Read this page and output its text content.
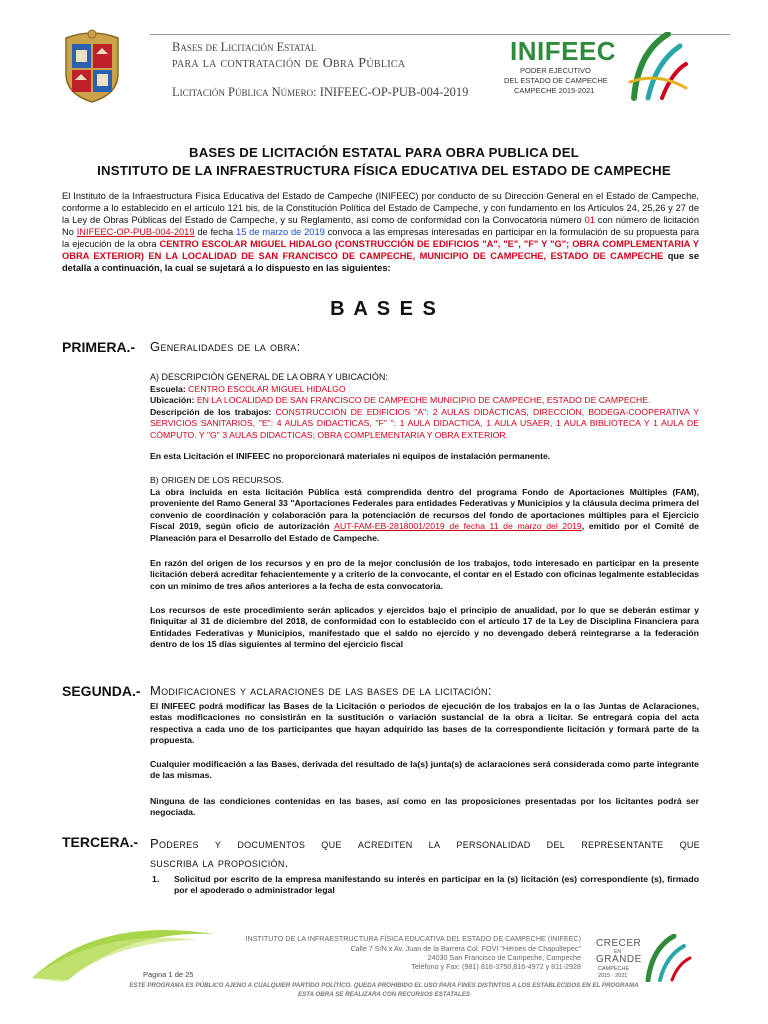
Bases de Licitación Estatal
para la contratación de Obra Pública
Licitación Pública Número: INIFEEC-OP-PUB-004-2019
INIFEEC
PODER EJECUTIVO
DEL ESTADO DE CAMPECHE
CAMPECHE 2015-2021
BASES DE LICITACIÓN ESTATAL PARA OBRA PUBLICA DEL
INSTITUTO DE LA INFRAESTRUCTURA FÍSICA EDUCATIVA DEL ESTADO DE CAMPECHE
El Instituto de la Infraestructura Física Educativa del Estado de Campeche (INIFEEC) por conducto de su Dirección General en el Estado de Campeche, conforme a lo establecido en el artículo 121 bis, de la Constitución Política del Estado de Campeche, y con fundamento en los Artículos 24, 25,26 y 27 de la Ley de Obras Públicas del Estado de Campeche, y su Reglamento, así como de conformidad con la Convocatoria número 01 con número de licitación No INIFEEC-OP-PUB-004-2019 de fecha 15 de marzo de 2019 convoca a las empresas interesadas en participar en la formulación de su propuesta para la ejecución de la obra CENTRO ESCOLAR MIGUEL HIDALGO (CONSTRUCCIÓN DE EDIFICIOS "A", "E", "F" Y "G"; OBRA COMPLEMENTARIA Y OBRA EXTERIOR) EN LA LOCALIDAD DE SAN FRANCISCO DE CAMPECHE, MUNICIPIO DE CAMPECHE, ESTADO DE CAMPECHE que se detalla a continuación, la cual se sujetará a lo dispuesto en las siguientes:
B A S E S
PRIMERA.- Generalidades de la obra:
A) DESCRIPCIÓN GENERAL DE LA OBRA Y UBICACIÓN:
Escuela: CENTRO ESCOLAR MIGUEL HIDALGO
Ubicación: EN LA LOCALIDAD DE SAN FRANCISCO DE CAMPECHE MUNICIPIO DE CAMPECHE, ESTADO DE CAMPECHE.
Descripción de los trabajos: CONSTRUCCIÓN DE EDIFICIOS "A": 2 AULAS DIDÁCTICAS, DIRECCIÓN, BODEGA-COOPERATIVA Y SERVICIOS SANITARIOS, "E": 4 AULAS DIDACTICAS, "F" ": 1 AULA DIDACTICA, 1 AULA USAER, 1 AULA BIBLIOTECA Y 1 AULA DE CÓMPUTO. Y "G" 3 AULAS DIDACTICAS; OBRA COMPLEMENTARIA Y OBRA EXTERIOR.
En esta Licitación el INIFEEC no proporcionará materiales ni equipos de instalación permanente.
B) ORIGEN DE LOS RECURSOS.
La obra incluida en esta licitación Pública está comprendida dentro del programa Fondo de Aportaciones Múltiples (FAM), proveniente del Ramo General 33 "Aportaciones Federales para entidades Federativas y Municipios y la cláusula decima primera del convenio de coordinación y colaboración para la potenciación de recursos del fondo de aportaciones múltiples para el Ejercicio Fiscal 2019, según oficio de autorización AUT-FAM-EB-2818001/2019 de fecha 11 de marzo del 2019, emitido por el Comité de Planeación para el Desarrollo del Estado de Campeche.
En razón del origen de los recursos y en pro de la mejor conclusión de los trabajos, todo interesado en participar en la presente licitación deberá acreditar fehacientemente y a criterio de la convocante, el contar en el Estado con oficinas legalmente establecidas con un mínimo de tres años anteriores a la fecha de esta convocatoria.
Los recursos de este procedimiento serán aplicados y ejercidos bajo el principio de anualidad, por lo que se deberán estimar y finiquitar al 31 de diciembre del 2018, de conformidad con lo establecido con el artículo 17 de la Ley de Disciplina Financiera para Entidades Federativas y Municipios, manifestado que el saldo no ejercido y no devengado deberá reintegrarse a la federación dentro de los 15 días siguientes al termino del ejercicio fiscal
SEGUNDA.- Modificaciones y aclaraciones de las bases de la licitación:
El INIFEEC podrá modificar las Bases de la Licitación o periodos de ejecución de los trabajos en la o las Juntas de Aclaraciones, estas modificaciones no consistirán en la sustitución o variación sustancial de la obra a licitar. Se entregará copia del acta respectiva a cada uno de los participantes que hayan adquirido las bases de la correspondiente licitación y formará parte de la propuesta.
Cualquier modificación a las Bases, derivada del resultado de la(s) junta(s) de aclaraciones será considerada como parte integrante de las mismas.
Ninguna de las condiciones contenidas en las bases, así como en las proposiciones presentadas por los licitantes podrá ser negociada.
TERCERA.- Poderes y documentos que acrediten la personalidad del representante que
suscriba la proposición.
1. Solicitud por escrito de la empresa manifestando su interés en participar en la (s) licitación (es) correspondiente (s), firmado por el apoderado o administrador legal
INSTITUTO DE LA INFRAESTRUCTURA FÍSICA EDUCATIVA DEL ESTADO DE CAMPECHE (INIFEEC)
Calle 7 S/N x Av. Juan de la Barrera Col. FOVI "Héroes de Chapultepec"
24030 San Francisco de Campeche, Campeche
Teléfono y Fax: (981) 816-3750,816-4972 y 811-2928
Pagina 1 de 25
CRECER
EN
GRANDE
CAMPECHE
2015 · 2021
ESTE PROGRAMA ES PÚBLICO AJENO A CUALQUIER PARTIDO POLÍTICO. QUEDA PROHIBIDO EL USO PARA FINES DISTINTOS A LOS ESTABLECIDOS EN EL PROGRAMA
ESTA OBRA SE REALIZARA CON RECURSOS ESTATALES
